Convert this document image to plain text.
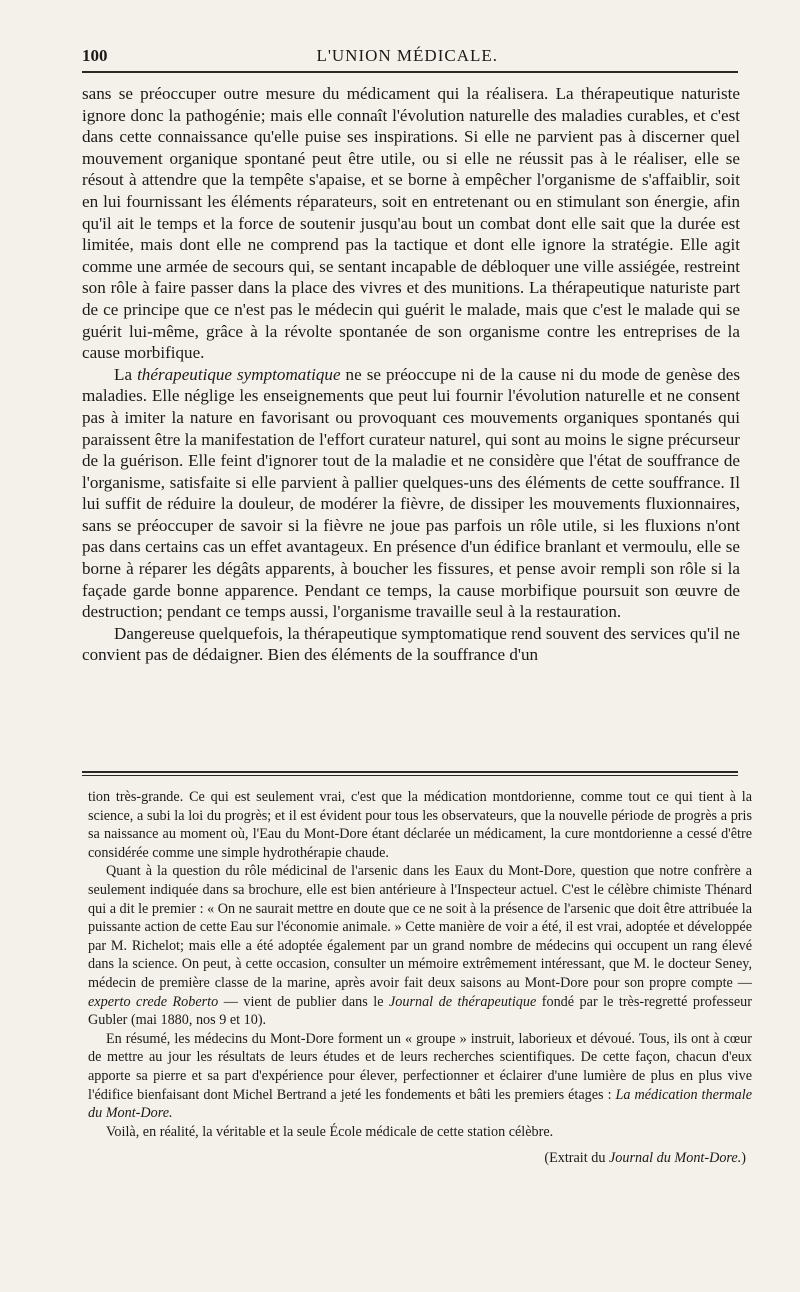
100	L'UNION MÉDICALE.

sans se préoccuper outre mesure du médicament qui la réalisera. La thérapeutique naturiste ignore donc la pathogénie; mais elle connaît l'évolution naturelle des maladies curables, et c'est dans cette connaissance qu'elle puise ses inspirations. Si elle ne parvient pas à discerner quel mouvement organique spontané peut être utile, ou si elle ne réussit pas à le réaliser, elle se résout à attendre que la tempête s'apaise, et se borne à empêcher l'organisme de s'affaiblir, soit en lui fournissant les éléments réparateurs, soit en entretenant ou en stimulant son énergie, afin qu'il ait le temps et la force de soutenir jusqu'au bout un combat dont elle sait que la durée est limitée, mais dont elle ne comprend pas la tactique et dont elle ignore la stratégie. Elle agit comme une armée de secours qui, se sentant incapable de débloquer une ville assiégée, restreint son rôle à faire passer dans la place des vivres et des munitions. La thérapeutique naturiste part de ce principe que ce n'est pas le médecin qui guérit le malade, mais que c'est le malade qui se guérit lui-même, grâce à la révolte spontanée de son organisme contre les entreprises de la cause morbifique.

La thérapeutique symptomatique ne se préoccupe ni de la cause ni du mode de genèse des maladies. Elle néglige les enseignements que peut lui fournir l'évolution naturelle et ne consent pas à imiter la nature en favorisant ou provoquant ces mouvements organiques spontanés qui paraissent être la manifestation de l'effort curateur naturel, qui sont au moins le signe précurseur de la guérison. Elle feint d'ignorer tout de la maladie et ne considère que l'état de souffrance de l'organisme, satisfaite si elle parvient à pallier quelques-uns des éléments de cette souffrance. Il lui suffit de réduire la douleur, de modérer la fièvre, de dissiper les mouvements fluxionnaires, sans se préoccuper de savoir si la fièvre ne joue pas parfois un rôle utile, si les fluxions n'ont pas dans certains cas un effet avantageux. En présence d'un édifice branlant et vermoulu, elle se borne à réparer les dégâts apparents, à boucher les fissures, et pense avoir rempli son rôle si la façade garde bonne apparence. Pendant ce temps, la cause morbifique poursuit son œuvre de destruction; pendant ce temps aussi, l'organisme travaille seul à la restauration.

Dangereuse quelquefois, la thérapeutique symptomatique rend souvent des services qu'il ne convient pas de dédaigner. Bien des éléments de la souffrance d'un

tion très-grande. Ce qui est seulement vrai, c'est que la médication montdorienne, comme tout ce qui tient à la science, a subi la loi du progrès; et il est évident pour tous les observateurs, que la nouvelle période de progrès a pris sa naissance au moment où, l'Eau du Mont-Dore étant déclarée un médicament, la cure montdorienne a cessé d'être considérée comme une simple hydrothérapie chaude.

Quant à la question du rôle médicinal de l'arsenic dans les Eaux du Mont-Dore, question que notre confrère a seulement indiquée dans sa brochure, elle est bien antérieure à l'Inspecteur actuel. C'est le célèbre chimiste Thénard qui a dit le premier : « On ne saurait mettre en doute que ce ne soit à la présence de l'arsenic que doit être attribuée la puissante action de cette Eau sur l'économie animale. » Cette manière de voir a été, il est vrai, adoptée et développée par M. Richelot; mais elle a été adoptée également par un grand nombre de médecins qui occupent un rang élevé dans la science. On peut, à cette occasion, consulter un mémoire extrêmement intéressant, que M. le docteur Seney, médecin de première classe de la marine, après avoir fait deux saisons au Mont-Dore pour son propre compte — experto crede Roberto — vient de publier dans le Journal de thérapeutique fondé par le très-regretté professeur Gubler (mai 1880, nos 9 et 10).

En résumé, les médecins du Mont-Dore forment un « groupe » instruit, laborieux et dévoué. Tous, ils ont à cœur de mettre au jour les résultats de leurs études et de leurs recherches scientifiques. De cette façon, chacun d'eux apporte sa pierre et sa part d'expérience pour élever, perfectionner et éclairer d'une lumière de plus en plus vive l'édifice bienfaisant dont Michel Bertrand a jeté les fondements et bâti les premiers étages : La médication thermale du Mont-Dore.

Voilà, en réalité, la véritable et la seule École médicale de cette station célèbre.

(Extrait du Journal du Mont-Dore.)
